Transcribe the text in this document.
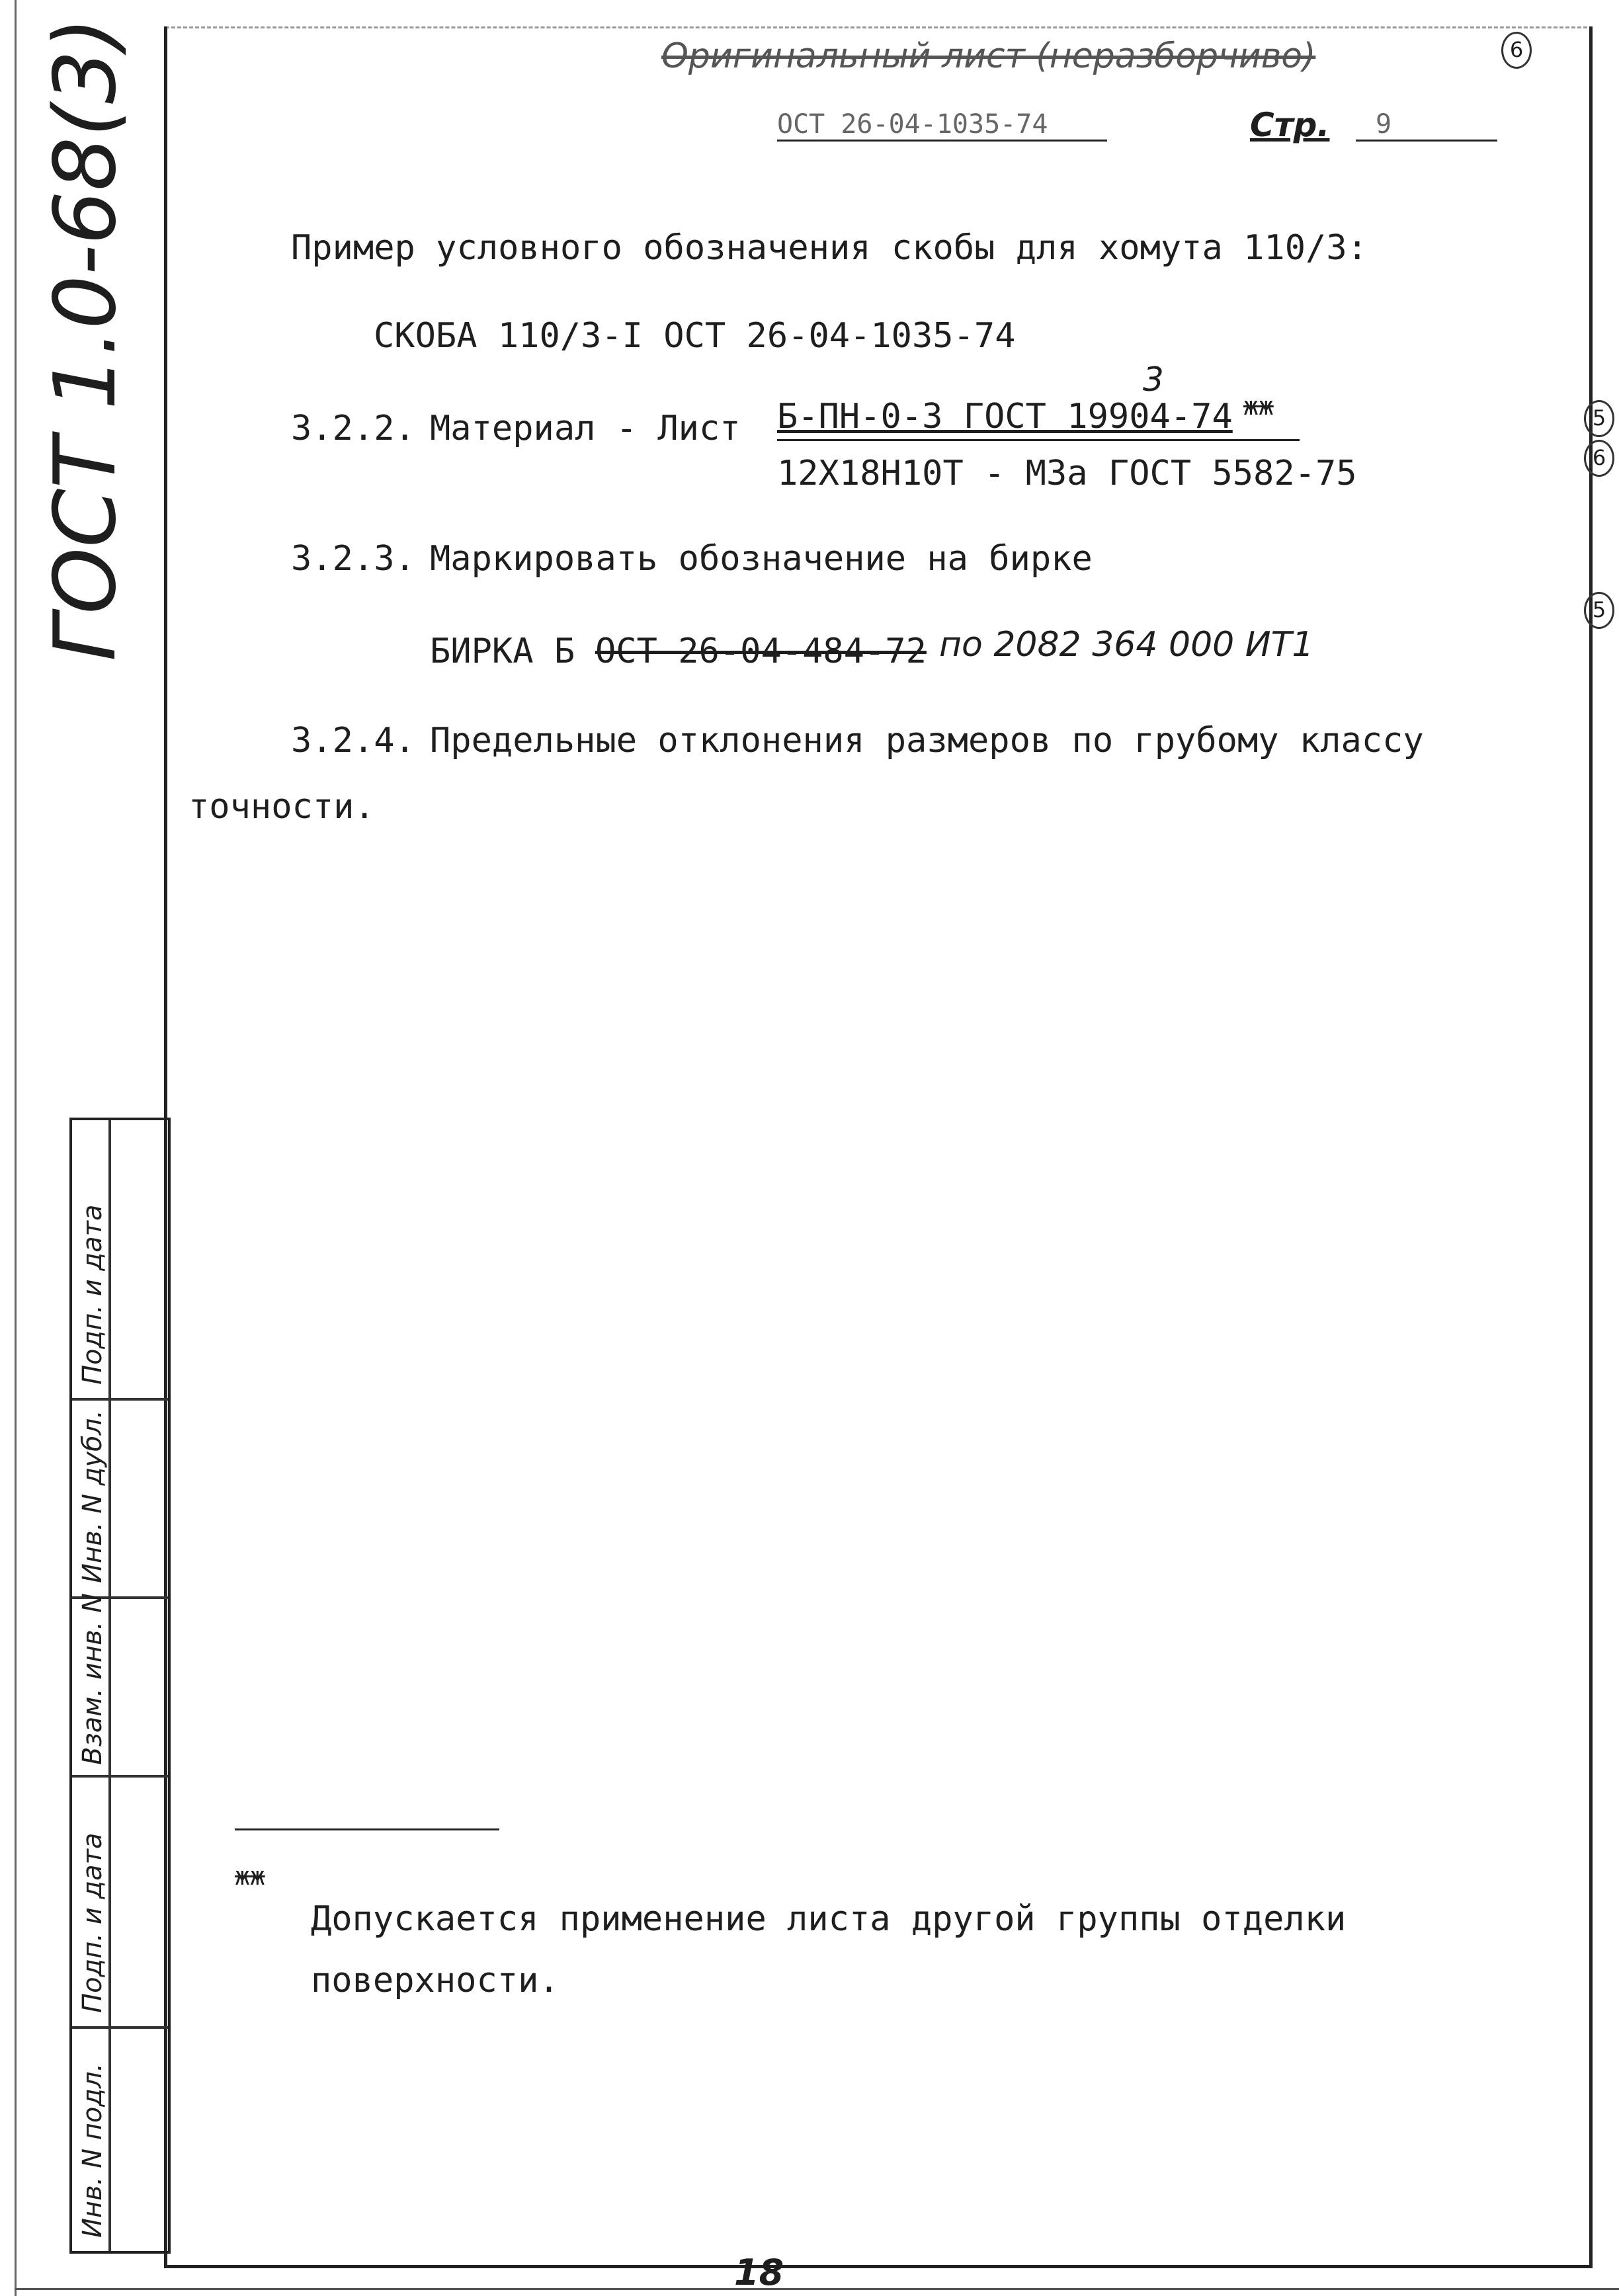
ГОСТ 1.0-68(3)	Оригинальный лист (неразборчиво)	6
ОСТ 26-04-1035-74	Стр.	9
Пример условного обозначения скобы для хомута 110/3:
СКОБА 110/3-I ОСТ 26-04-1035-74
3.2.2. Материал - Лист
3
Б-ПН-0-3 ГОСТ 19904-74 жж
12Х18Н10Т - М3а ГОСТ 5582-75
3.2.3. Маркировать обозначение на бирке
БИРКА Б ОСТ 26-04-484-72 по 2082 364 000 ИТ1
3.2.4. Предельные отклонения размеров по грубому классу
точности.
5
6
5
жж
Допускается применение листа другой группы отделки
поверхности.
Подп. и дата
Инв. N дубл.
Взам. инв. N
Подп. и дата
Инв. N подл.
18
